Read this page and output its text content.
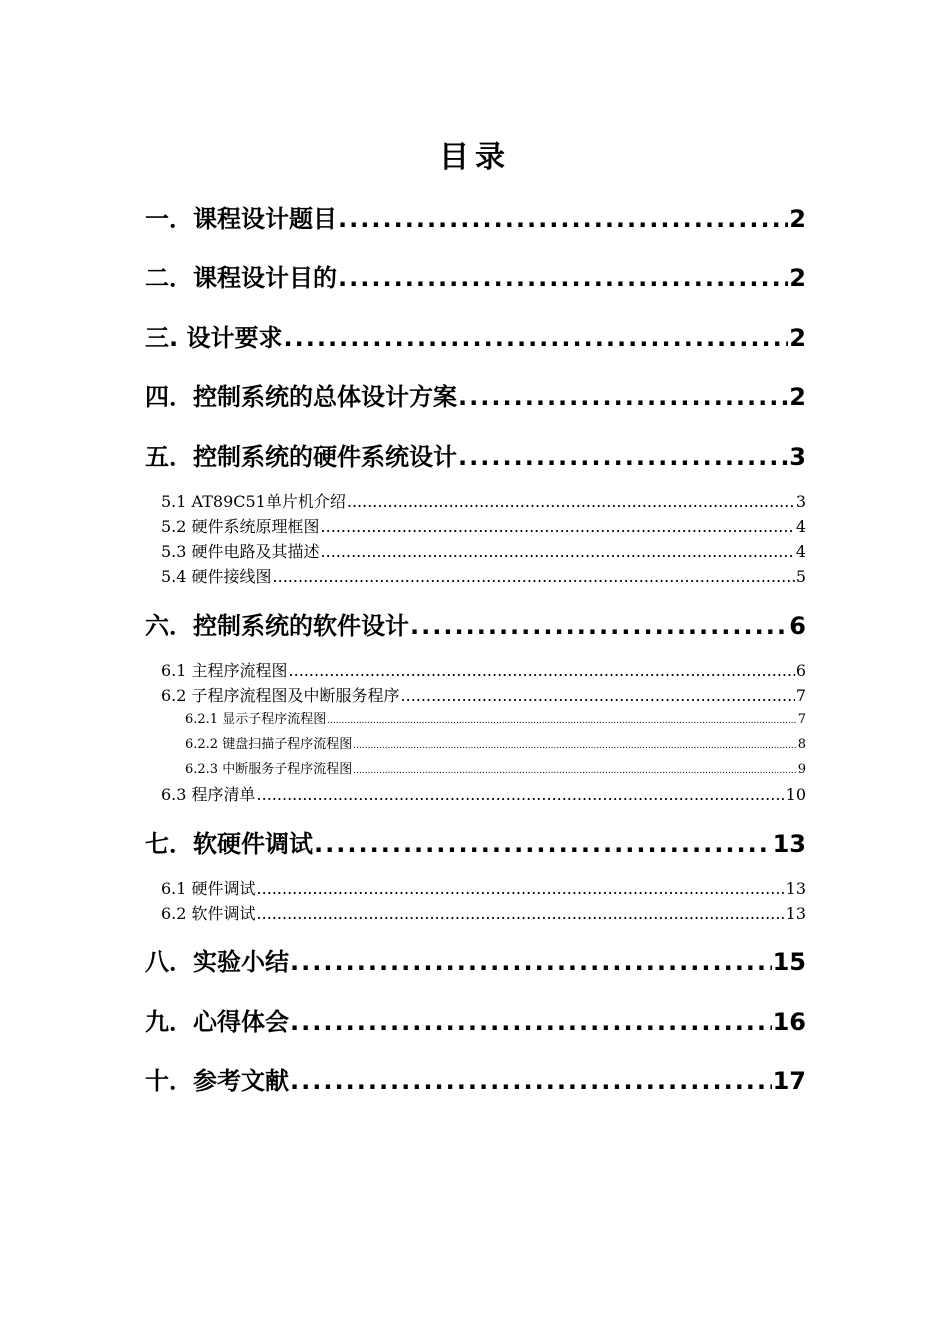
目录
一．课程设计题目 .....	2
二．课程设计目的 .....	2
三. 设计要求 .....	2
四．控制系统的总体设计方案 .....	2
五．控制系统的硬件系统设计 .....	3
5.1 AT89C51单片机介绍 .....	3
5.2 硬件系统原理框图 .....	4
5.3 硬件电路及其描述 .....	4
5.4 硬件接线图 .....	5
六．控制系统的软件设计 .....	6
6.1 主程序流程图 .....	6
6.2 子程序流程图及中断服务程序 .....	7
6.2.1 显示子程序流程图 .....	7
6.2.2 键盘扫描子程序流程图 .....	8
6.2.3 中断服务子程序流程图 .....	9
6.3 程序清单 .....	10
七．软硬件调试 .....	13
6.1 硬件调试 .....	13
6.2 软件调试 .....	13
八．实验小结 .....	15
九．心得体会 .....	16
十．参考文献 .....	17
